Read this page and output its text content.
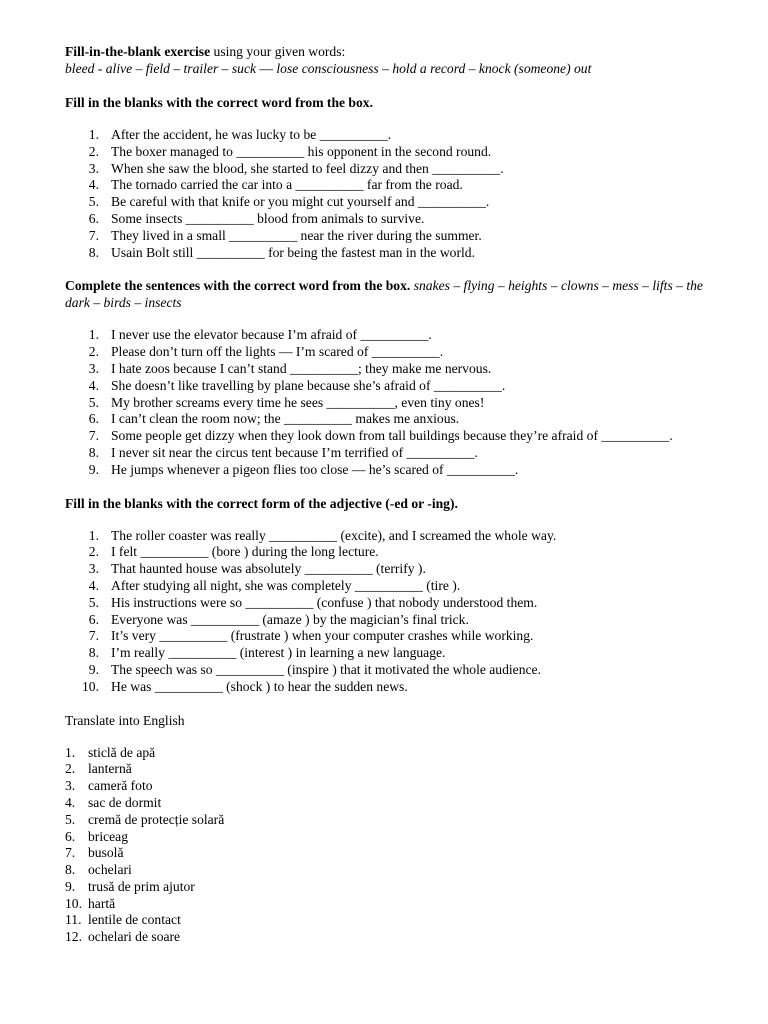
Fill-in-the-blank exercise using your given words:
bleed - alive – field – trailer – suck –– lose consciousness – hold a record – knock (someone) out
Fill in the blanks with the correct word from the box.
1. After the accident, he was lucky to be __________.
2. The boxer managed to __________ his opponent in the second round.
3. When she saw the blood, she started to feel dizzy and then __________.
4. The tornado carried the car into a __________ far from the road.
5. Be careful with that knife or you might cut yourself and __________.
6. Some insects __________ blood from animals to survive.
7. They lived in a small __________ near the river during the summer.
8. Usain Bolt still __________ for being the fastest man in the world.
Complete the sentences with the correct word from the box. snakes – flying – heights – clowns – mess – lifts – the dark – birds – insects
1. I never use the elevator because I’m afraid of __________.
2. Please don’t turn off the lights — I’m scared of __________.
3. I hate zoos because I can’t stand __________; they make me nervous.
4. She doesn’t like travelling by plane because she’s afraid of __________.
5. My brother screams every time he sees __________, even tiny ones!
6. I can’t clean the room now; the __________ makes me anxious.
7. Some people get dizzy when they look down from tall buildings because they’re afraid of __________.
8. I never sit near the circus tent because I’m terrified of __________.
9. He jumps whenever a pigeon flies too close — he’s scared of __________.
Fill in the blanks with the correct form of the adjective (-ed or -ing).
1. The roller coaster was really __________ (excite), and I screamed the whole way.
2. I felt __________ (bore ) during the long lecture.
3. That haunted house was absolutely __________ (terrify ).
4. After studying all night, she was completely __________ (tire ).
5. His instructions were so __________ (confuse ) that nobody understood them.
6. Everyone was __________ (amaze ) by the magician’s final trick.
7. It’s very __________ (frustrate ) when your computer crashes while working.
8. I’m really __________ (interest ) in learning a new language.
9. The speech was so __________ (inspire ) that it motivated the whole audience.
10. He was __________ (shock ) to hear the sudden news.
Translate into English
1. sticlă de apă
2. lanternă
3. cameră foto
4. sac de dormit
5. cremă de protecție solară
6. briceag
7. busolă
8. ochelari
9. trusă de prim ajutor
10. hartă
11. lentile de contact
12. ochelari de soare
